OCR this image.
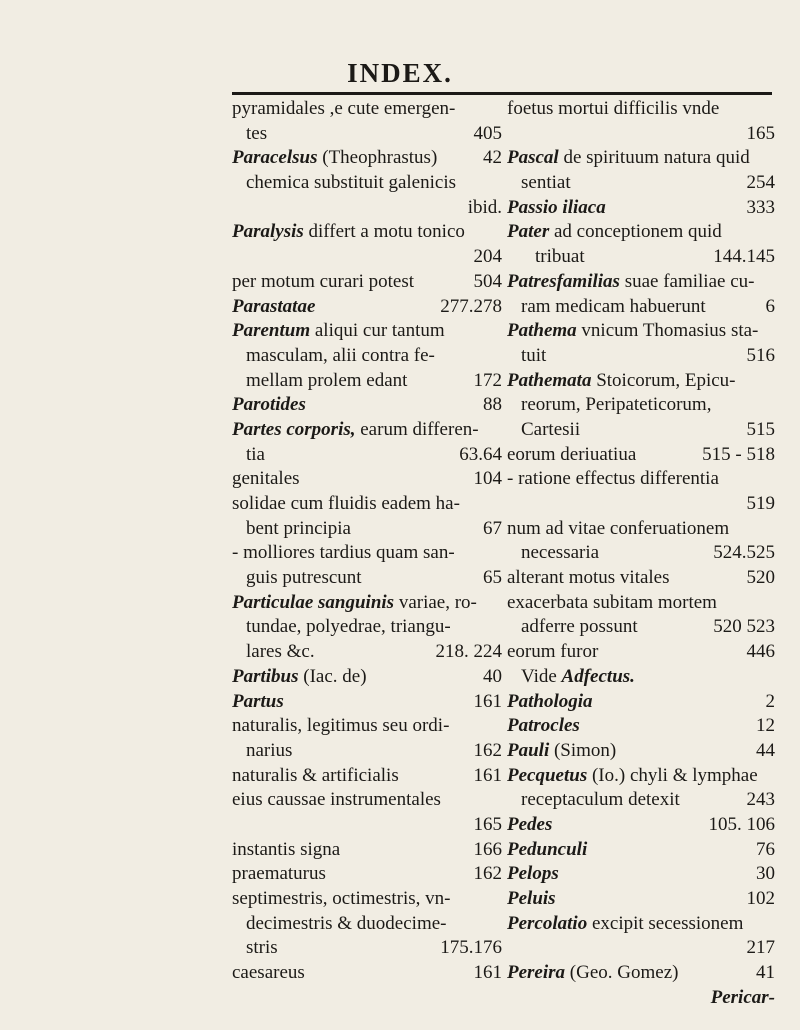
INDEX.
pyramidales ,e cute emergen-
tes	405
Paracelsus (Theophrastus) 42
chemica substituit galenicis
ibid.
Paralysis differt a motu tonico
204
per motum curari potest	504
Parastatae	277.278
Parentum aliqui cur tantum
masculam, alii contra fe-
mellam prolem edant	172
Parotides	88
Partes corporis, earum differen-
tia	63.64
genitales	104
solidae cum fluidis eadem ha-
bent principia	67
- molliores tardius quam san-
guis putrescunt	65
Particulae sanguinis variae, ro-
tundae, polyedrae, triangu-
lares &c.	218. 224
Partibus (Iac. de)	40
Partus	161
naturalis, legitimus seu ordi-
narius	162
naturalis & artificialis	161
eius caussae instrumentales
165
instantis signa	166
praematurus	162
septimestris, octimestris, vn-
decimestris & duodecime-
stris	175.176
caesareus	161
foetus mortui difficilis vnde
165
Pascal de spirituum natura quid
sentiat	254
Passio iliaca	333
Pater ad conceptionem quid
tribuat	144.145
Patresfamilias suae familiae cu-
ram medicam habuerunt	6
Pathema vnicum Thomasius sta-
tuit	516
Pathemata Stoicorum, Epicu-
reorum, Peripateticorum,
Cartesii	515
eorum deriuatiua	515 - 518
- ratione effectus differentia
519
num ad vitae conferuationem
necessaria	524.525
alterant motus vitales	520
exacerbata subitam mortem
adferre possunt	520 523
eorum furor	446
Vide Adfectus.
Pathologia	2
Patrocles	12
Pauli (Simon)	44
Pecquetus (Io.) chyli & lymphae
receptaculum detexit	243
Pedes	105. 106
Pedunculi	76
Pelops	30
Peluis	102
Percolatio excipit secessionem
217
Pereira (Geo. Gomez)	41
Pericar-
